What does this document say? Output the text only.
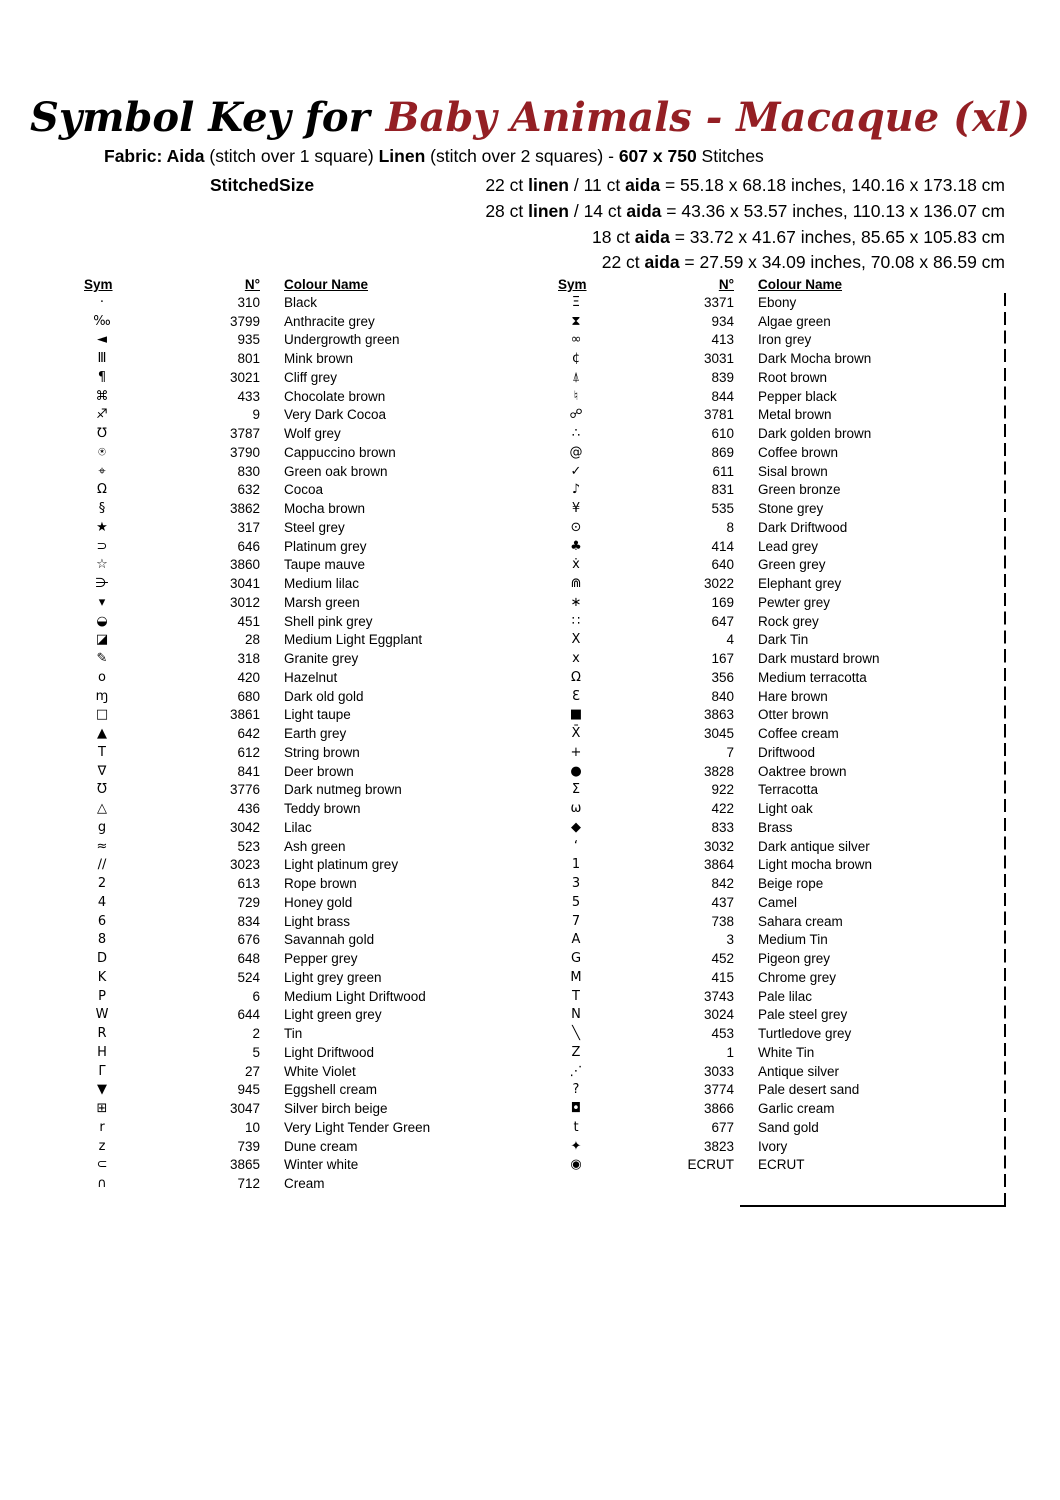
Symbol Key for Baby Animals - Macaque (xl)
Fabric: Aida (stitch over 1 square) Linen (stitch over 2 squares) - 607 x 750 Stitches
StitchedSize	22 ct linen / 11 ct aida = 55.18 x 68.18 inches, 140.16 x 173.18 cm
28 ct linen / 14 ct aida = 43.36 x 53.57 inches, 110.13 x 136.07 cm
18 ct aida = 33.72 x 41.67 inches, 85.65 x 105.83 cm
22 ct aida = 27.59 x 34.09 inches, 70.08 x 86.59 cm
Sym	N° Colour Name
·	310 Black
‰	3799 Anthracite grey
◄	935 Undergrowth green
Ⅲ	801 Mink brown
¶	3021 Cliff grey
⌘	433 Chocolate brown
♐	9 Very Dark Cocoa
℧	3787 Wolf grey
⍟	3790 Cappuccino brown
⌖	830 Green oak brown
Ω	632 Cocoa
§	3862 Mocha brown
★	317 Steel grey
⊃	646 Platinum grey
☆	3860 Taupe mauve
⋺	3041 Medium lilac
▾	3012 Marsh green
◒	451 Shell pink grey
◪	28 Medium Light Eggplant
✎	318 Granite grey
o	420 Hazelnut
ɱ	680 Dark old gold
□	3861 Light taupe
▲	642 Earth grey
T	612 String brown
∇	841 Deer brown
Ʊ	3776 Dark nutmeg brown
△	436 Teddy brown
g	3042 Lilac
≈	523 Ash green
∕∕	3023 Light platinum grey
2	613 Rope brown
4	729 Honey gold
6	834 Light brass
8	676 Savannah gold
D	648 Pepper grey
K	524 Light grey green
P	6 Medium Light Driftwood
W	644 Light green grey
R	2 Tin
H	5 Light Driftwood
Γ	27 White Violet
▼	945 Eggshell cream
⊞	3047 Silver birch beige
r	10 Very Light Tender Green
z	739 Dune cream
⊂	3865 Winter white
∩	712 Cream
Sym	N° Colour Name
Ξ	3371 Ebony
⧗	934 Algae green
∞	413 Iron grey
¢	3031 Dark Mocha brown
⍋	839 Root brown
♮	844 Pepper black
☍	3781 Metal brown
∴	610 Dark golden brown
@	869 Coffee brown
✓	611 Sisal brown
♪	831 Green bronze
¥	535 Stone grey
⊙	8 Dark Driftwood
♣	414 Lead grey
ẋ	640 Green grey
⋒	3022 Elephant grey
∗	169 Pewter grey
∷	647 Rock grey
Ⅹ	4 Dark Tin
x	167 Dark mustard brown
Ω	356 Medium terracotta
Ɛ	840 Hare brown
■	3863 Otter brown
X̄	3045 Coffee cream
+	7 Driftwood
●	3828 Oaktree brown
Σ	922 Terracotta
ω	422 Light oak
◆	833 Brass
‘	3032 Dark antique silver
1	3864 Light mocha brown
3	842 Beige rope
5	437 Camel
7	738 Sahara cream
A	3 Medium Tin
G	452 Pigeon grey
M	415 Chrome grey
T	3743 Pale lilac
N	3024 Pale steel grey
╲	453 Turtledove grey
Z	1 White Tin
⋰	3033 Antique silver
?	3774 Pale desert sand
◘	3866 Garlic cream
t	677 Sand gold
✦	3823 Ivory
◉	ECRUT ECRUT
